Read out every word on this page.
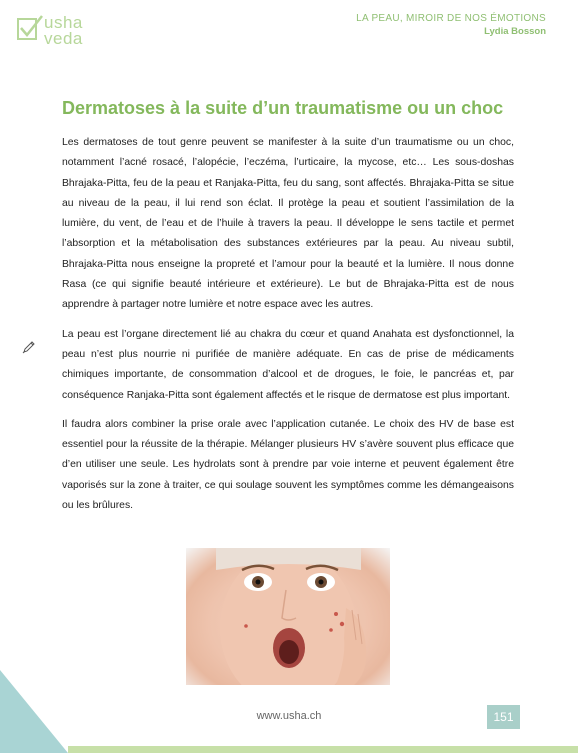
usha
veda
LA PEAU, MIROIR DE NOS ÉMOTIONS
Lydia Bosson
Dermatoses à la suite d’un traumatisme ou un choc

Les dermatoses de tout genre peuvent se manifester à la suite d’un traumatisme ou un choc, notamment l’acné rosacé, l’alopécie, l’eczéma, l’urticaire, la mycose, etc… Les sous-doshas Bhrajaka-Pitta, feu de la peau et Ranjaka-Pitta, feu du sang, sont affectés. Bhrajaka-Pitta se situe au niveau de la peau, il lui rend son éclat. Il protège la peau et soutient l’assimilation de la lumière, du vent, de l’eau et de l’huile à travers la peau. Il développe le sens tactile et permet l’absorption et la métabolisation des substances extérieures par la peau. Au niveau subtil, Bhrajaka-Pitta nous enseigne la propreté et l’amour pour la beauté et la lumière. Il nous donne Rasa (ce qui signifie beauté intérieure et extérieure). Le but de Bhrajaka-Pitta est de nous apprendre à partager notre lumière et notre espace avec les autres.

La peau est l’organe directement lié au chakra du cœur et quand Anahata est dysfonctionnel, la peau n’est plus nourrie ni purifiée de manière adéquate. En cas de prise de médicaments chimiques importante, de consommation d’alcool et de drogues, le foie, le pancréas et, par conséquence Ranjaka-Pitta sont également affectés et le risque de dermatose est plus important.

Il faudra alors combiner la prise orale avec l’application cutanée. Le choix des HV de base est essentiel pour la réussite de la thérapie. Mélanger plusieurs HV s’avère souvent plus efficace que d’en utiliser une seule. Les hydrolats sont à prendre par voie interne et peuvent également être vaporisés sur la zone à traiter, ce qui soulage souvent les symptômes comme les démangeaisons ou les brûlures.

www.usha.ch	151
